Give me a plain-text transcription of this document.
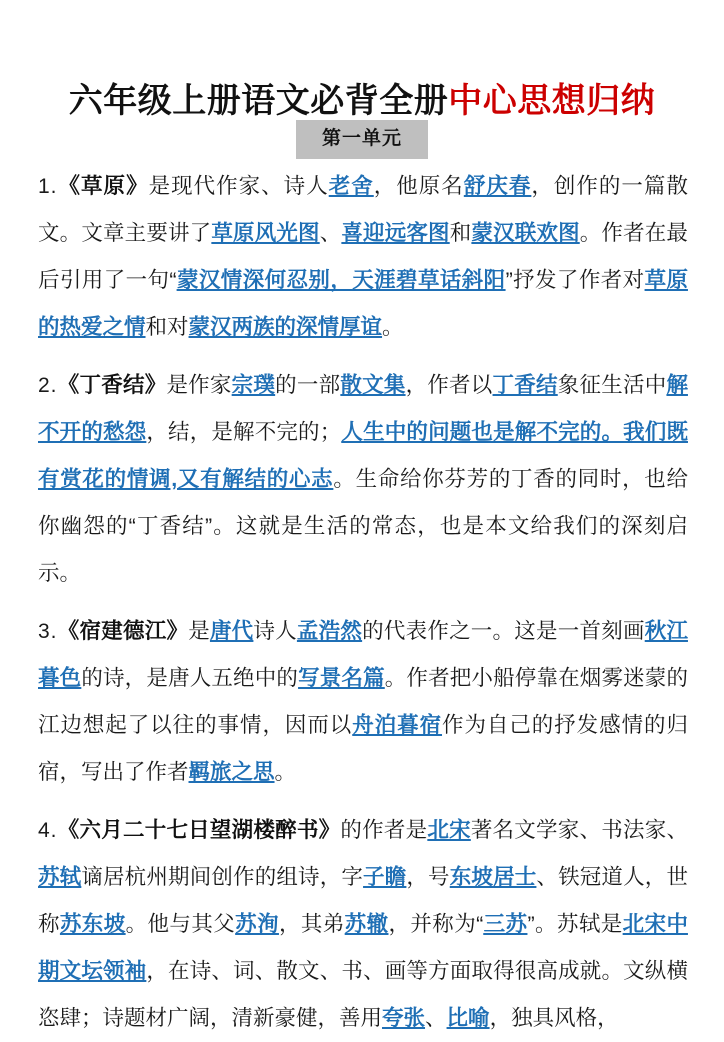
六年级上册语文必背全册中心思想归纳
第一单元

1.《草原》是现代作家、诗人老舍，他原名舒庆春，创作的一篇散文。文章主要讲了草原风光图、喜迎远客图和蒙汉联欢图。作者在最后引用了一句“蒙汉情深何忍别，天涯碧草话斜阳”抒发了作者对草原的热爱之情和对蒙汉两族的深情厚谊。

2.《丁香结》是作家宗璞的一部散文集，作者以丁香结象征生活中解不开的愁怨，结，是解不完的；人生中的问题也是解不完的。我们既有赏花的情调,又有解结的心志。生命给你芬芳的丁香的同时，也给你幽怨的“丁香结”。这就是生活的常态，也是本文给我们的深刻启示。

3.《宿建德江》是唐代诗人孟浩然的代表作之一。这是一首刻画秋江暮色的诗，是唐人五绝中的写景名篇。作者把小船停靠在烟雾迷蒙的江边想起了以往的事情，因而以舟泊暮宿作为自己的抒发感情的归宿，写出了作者羁旅之思。

4.《六月二十七日望湖楼醉书》的作者是北宋著名文学家、书法家、苏轼谪居杭州期间创作的组诗，字子瞻，号东坡居士、铁冠道人，世称苏东坡。他与其父苏洵，其弟苏辙，并称为“三苏”。苏轼是北宋中期文坛领袖，在诗、词、散文、书、画等方面取得很高成就。文纵横恣肆；诗题材广阔，清新豪健，善用夸张、比喻，独具风格，
